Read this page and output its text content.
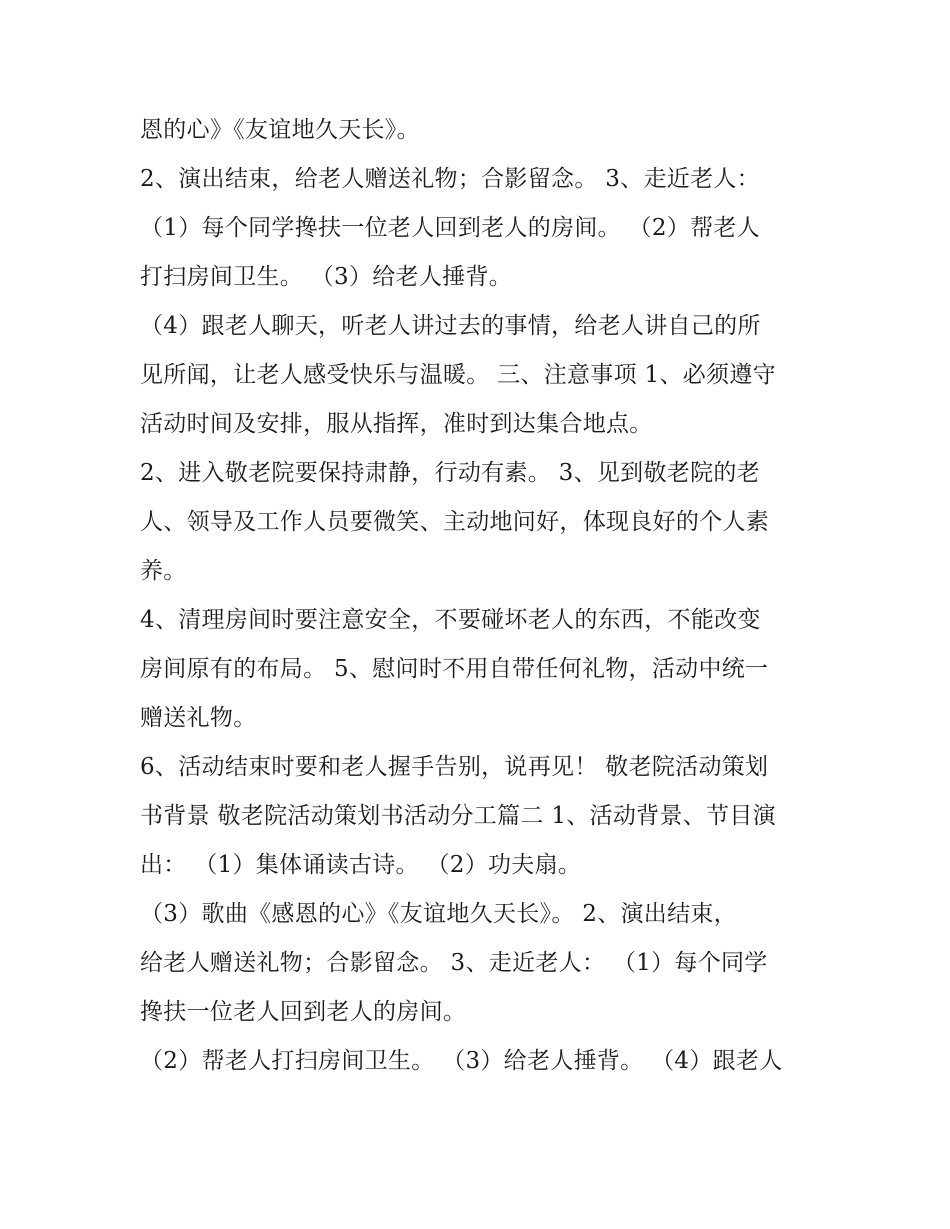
恩的心》《友谊地久天长》。
2、演出结束，给老人赠送礼物；合影留念。 3、走近老人：
（1）每个同学搀扶一位老人回到老人的房间。 （2）帮老人
打扫房间卫生。 （3）给老人捶背。
（4）跟老人聊天，听老人讲过去的事情，给老人讲自己的所
见所闻，让老人感受快乐与温暖。 三、注意事项 1、必须遵守
活动时间及安排，服从指挥，准时到达集合地点。
2、进入敬老院要保持肃静，行动有素。 3、见到敬老院的老
人、领导及工作人员要微笑、主动地问好，体现良好的个人素
养。
4、清理房间时要注意安全，不要碰坏老人的东西，不能改变
房间原有的布局。 5、慰问时不用自带任何礼物，活动中统一
赠送礼物。
6、活动结束时要和老人握手告别，说再见！ 敬老院活动策划
书背景 敬老院活动策划书活动分工篇二 1、活动背景、节目演
出： （1）集体诵读古诗。 （2）功夫扇。
（3）歌曲《感恩的心》《友谊地久天长》。 2、演出结束，
给老人赠送礼物；合影留念。 3、走近老人： （1）每个同学
搀扶一位老人回到老人的房间。
（2）帮老人打扫房间卫生。 （3）给老人捶背。 （4）跟老人
